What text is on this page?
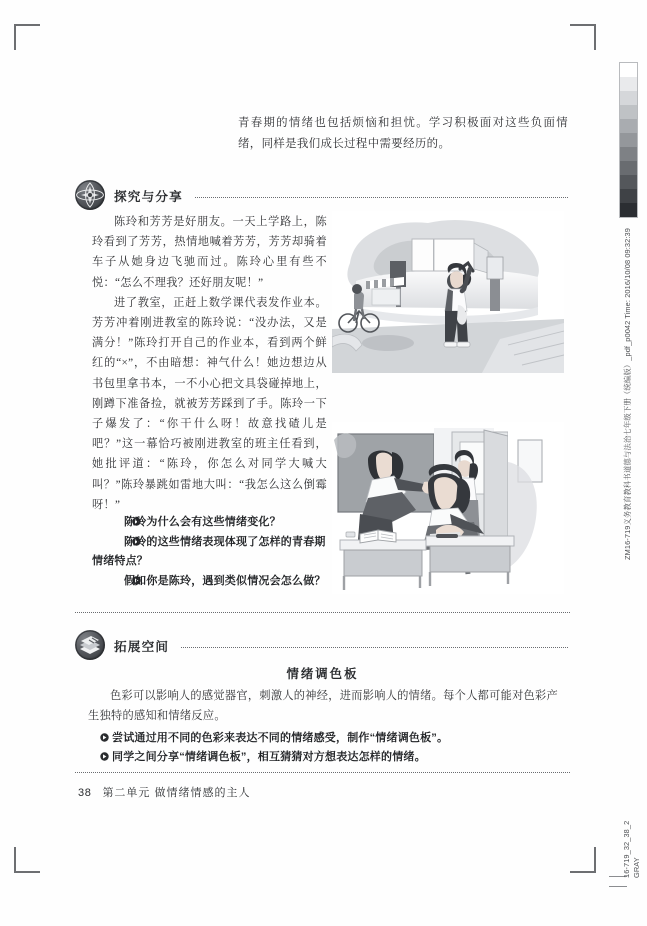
青春期的情绪也包括烦恼和担忧。学习积极面对这些负面情绪，同样是我们成长过程中需要经历的。

探究与分享

陈玲和芳芳是好朋友。一天上学路上，陈玲看到了芳芳，热情地喊着芳芳，芳芳却骑着车子从她身边飞驰而过。陈玲心里有些不悦：“怎么不理我？还好朋友呢！”

进了教室，正赶上数学课代表发作业本。芳芳冲着刚进教室的陈玲说：“没办法，又是满分！”陈玲打开自己的作业本，看到两个鲜红的“×”，不由暗想：神气什么！她边想边从书包里拿书本，一不小心把文具袋碰掉地上，刚蹲下准备捡，就被芳芳踩到了手。陈玲一下子爆发了：“你干什么呀！故意找碴儿是吧？”这一幕恰巧被刚进教室的班主任看到，她批评道：“陈玲，你怎么对同学大喊大叫？”陈玲暴跳如雷地大叫：“我怎么这么倒霉呀！”

陈玲为什么会有这些情绪变化？

陈玲的这些情绪表现体现了怎样的青春期情绪特点？

假如你是陈玲，遇到类似情况会怎么做？

拓展空间
情绪调色板

色彩可以影响人的感觉器官，刺激人的神经，进而影响人的情绪。每个人都可能对色彩产生独特的感知和情绪反应。

尝试通过用不同的色彩来表达不同的情绪感受，制作“情绪调色板”。

同学之间分享“情绪调色板”，相互猜猜对方想表达怎样的情绪。

38 第二单元 做情绪情感的主人
ZM16-719义务教育教科书道德与法治七年级下册（统编版）_pdf_p0042 Time: 2016/10/08 09:32:39
GRAY
16-719_32_38_2
